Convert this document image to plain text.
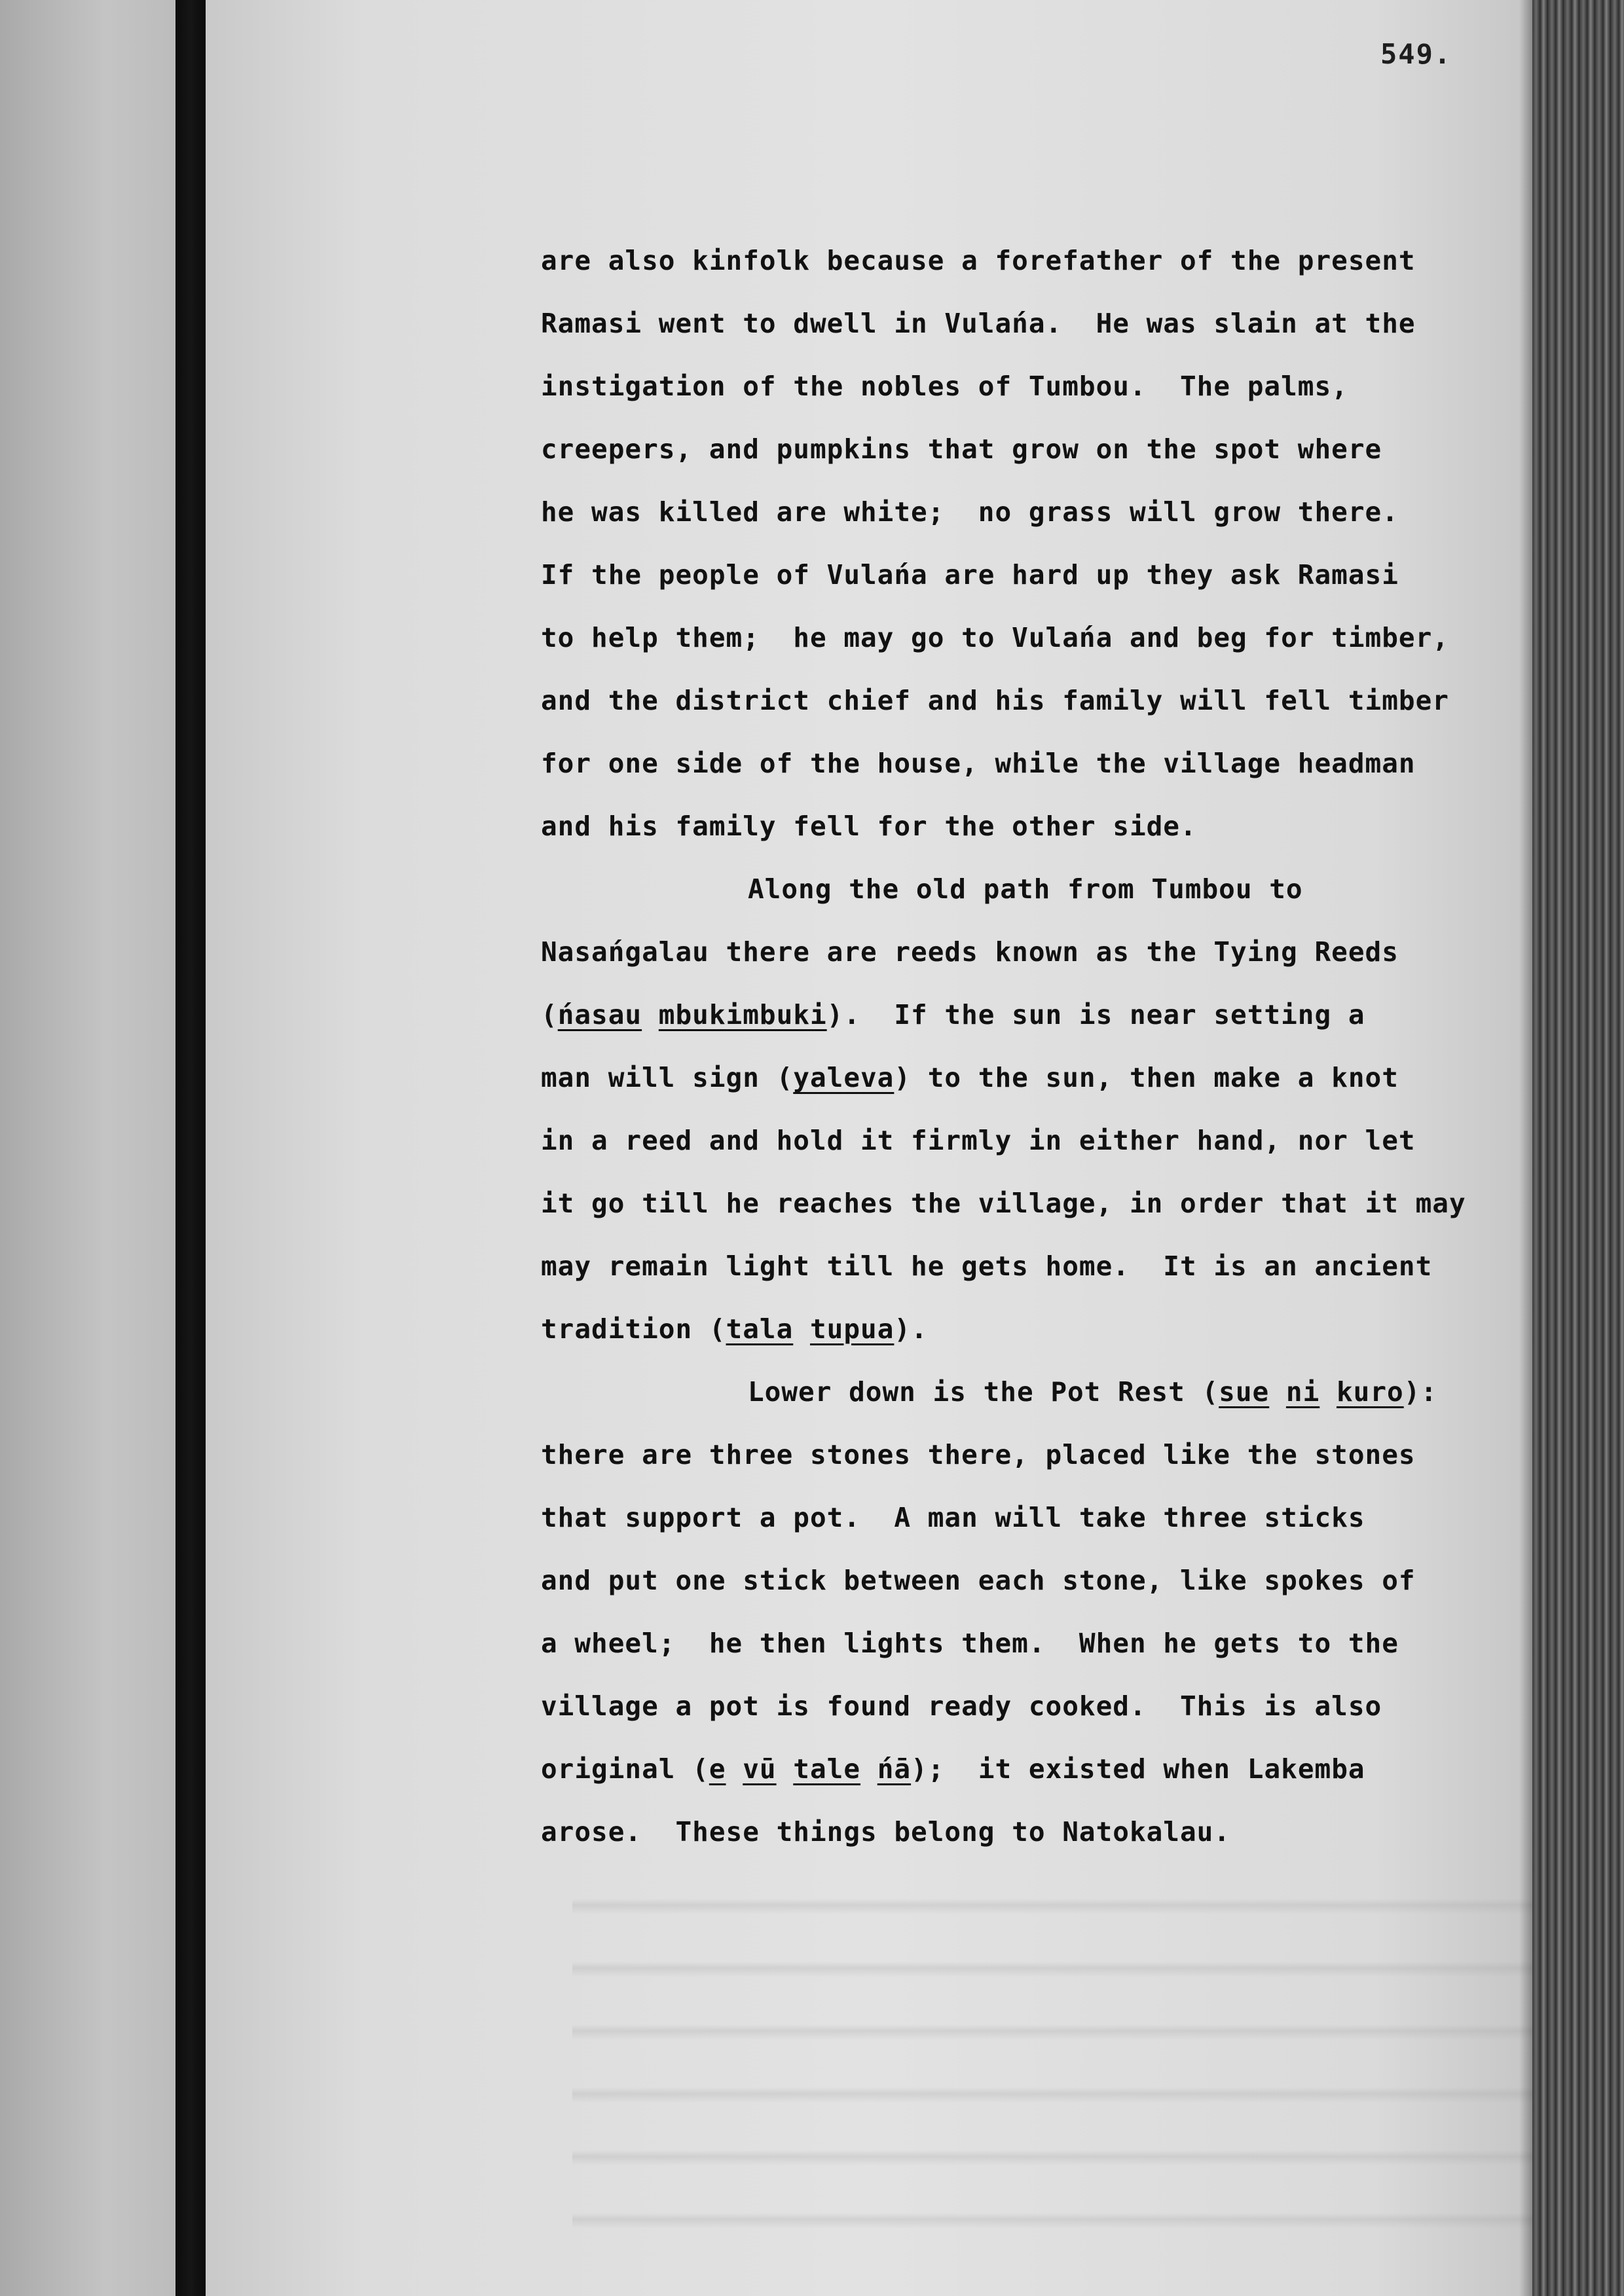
549.
are also kinfolk because a forefather of the present
Ramasi went to dwell in Vulańa.  He was slain at the
instigation of the nobles of Tumbou.  The palms,
creepers, and pumpkins that grow on the spot where
he was killed are white;  no grass will grow there.
If the people of Vulańa are hard up they ask Ramasi
to help them;  he may go to Vulańa and beg for timber,
and the district chief and his family will fell timber
for one side of the house, while the village headman
and his family fell for the other side.
Along the old path from Tumbou to
Nasańgalau there are reeds known as the Tying Reeds
(ńasau mbukimbuki).  If the sun is near setting a
man will sign (yaleva) to the sun, then make a knot
in a reed and hold it firmly in either hand, nor let
it go till he reaches the village, in order that it may
may remain light till he gets home.  It is an ancient
tradition (tala tupua).
Lower down is the Pot Rest (sue ni kuro):
there are three stones there, placed like the stones
that support a pot.  A man will take three sticks
and put one stick between each stone, like spokes of
a wheel;  he then lights them.  When he gets to the
village a pot is found ready cooked.  This is also
original (e vū tale ńā);  it existed when Lakemba
arose.  These things belong to Natokalau.
